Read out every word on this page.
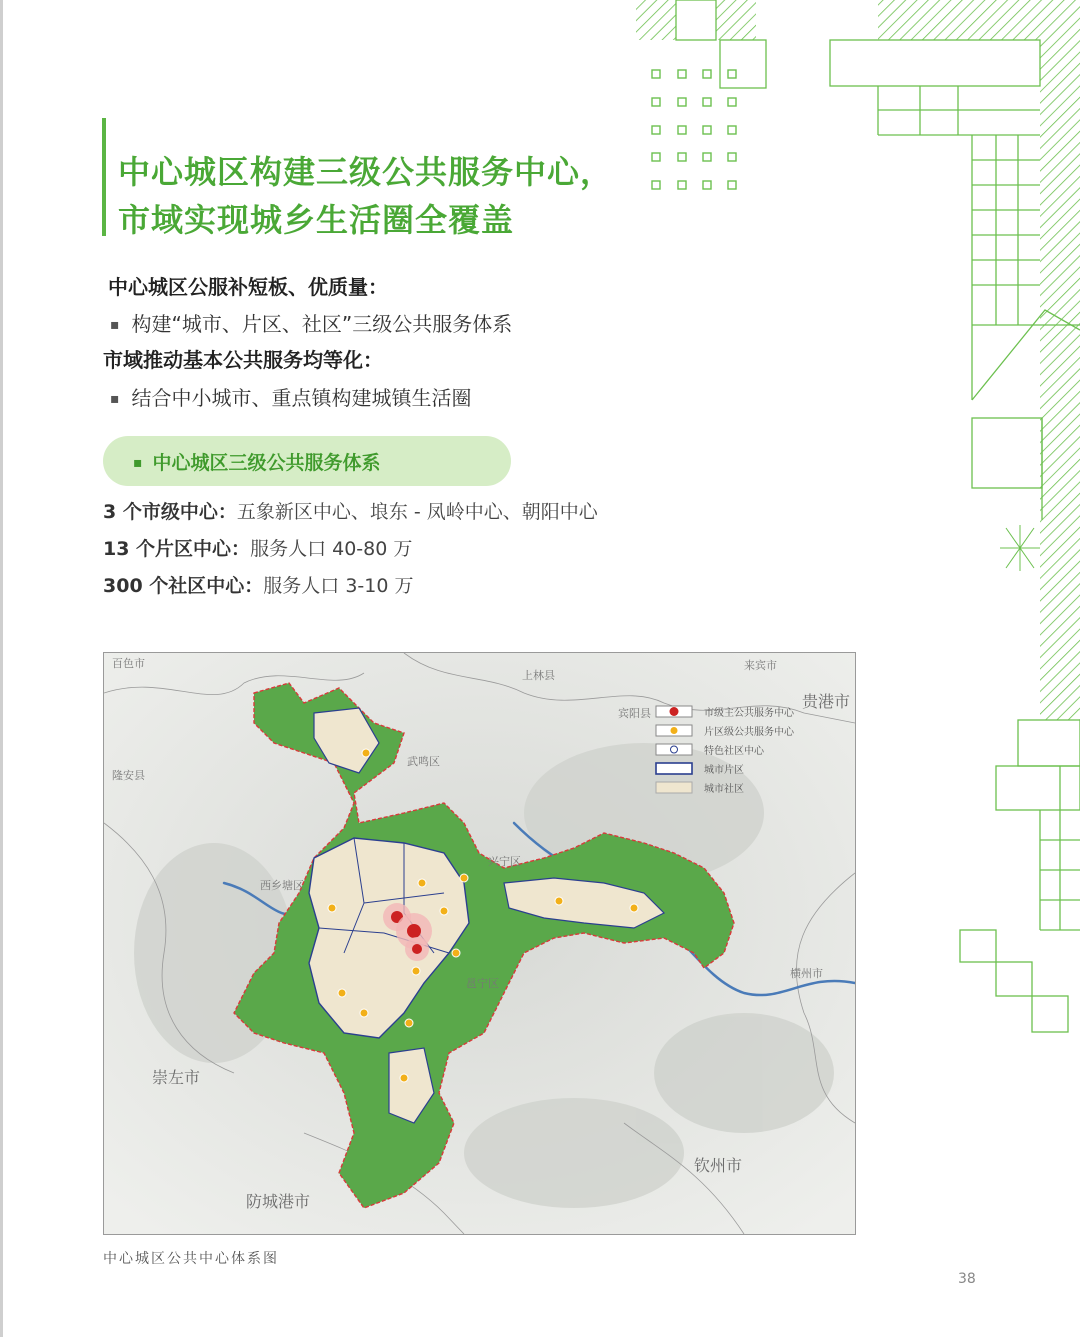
中心城区构建三级公共服务中心，
市域实现城乡生活圈全覆盖
中心城区公服补短板、优质量：
▪ 构建“城市、片区、社区”三级公共服务体系
市域推动基本公共服务均等化：
▪ 结合中小城市、重点镇构建城镇生活圈
▪ 中心城区三级公共服务体系
3 个市级中心：五象新区中心、埌东 - 凤岭中心、朝阳中心
13 个片区中心：服务人口 40-80 万
300 个社区中心：服务人口 3-10 万
百色市
上林县
来宾市
贵港市
宾阳县
隆安县
武鸣区
西乡塘区
兴宁区
邕宁区
横州市
崇左市
钦州市
防城港市
市级主公共服务中心
片区级公共服务中心
特色社区中心
城市片区
城市社区
中心城区公共中心体系图
38
